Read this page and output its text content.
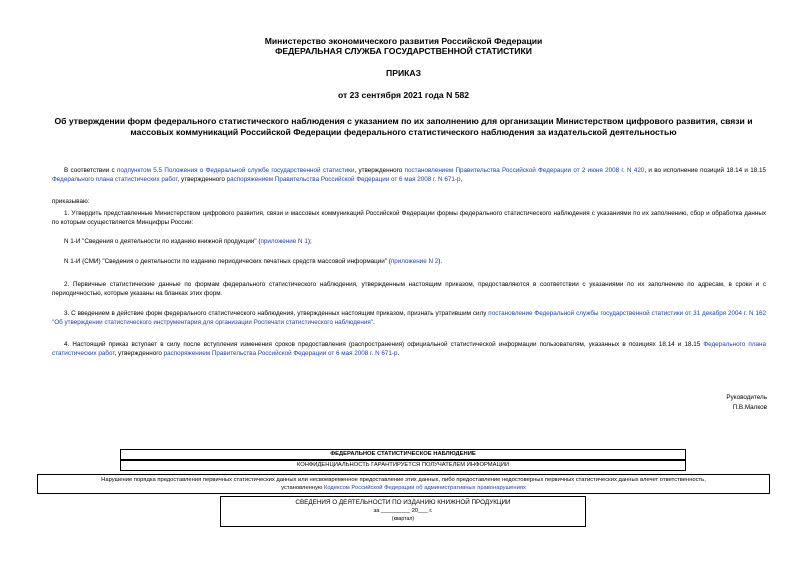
Министерство экономического развития Российской Федерации
ФЕДЕРАЛЬНАЯ СЛУЖБА ГОСУДАРСТВЕННОЙ СТАТИСТИКИ
ПРИКАЗ
от 23 сентября 2021 года N 582
Об утверждении форм федерального статистического наблюдения с указанием по их заполнению для организации Министерством цифрового развития, связи и массовых коммуникаций Российской Федерации федерального статистического наблюдения за издательской деятельностью
В соответствии с подпунктом 5.5 Положения о Федеральной службе государственной статистики, утвержденного постановлением Правительства Российской Федерации от 2 июня 2008 г. N 420, и во исполнение позиций 18.14 и 18.15 Федерального плана статистических работ, утвержденного распоряжением Правительства Российской Федерации от 6 мая 2008 г. N 671-р,
приказываю:
1. Утвердить представленные Министерством цифрового развития, связи и массовых коммуникаций Российской Федерации формы федерального статистического наблюдения с указаниями по их заполнению, сбор и обработка данных по которым осуществляется Минцифры России:
N 1-И "Сведения о деятельности по изданию книжной продукции" (приложение N 1);
N 1-И (СМИ) "Сведения о деятельности по изданию периодических печатных средств массовой информации" (приложение N 2).
2. Первичные статистические данные по формам федерального статистического наблюдения, утвержденным настоящим приказом, предоставляются в соответствии с указаниями по их заполнению по адресам, в сроки и с периодичностью, которые указаны на бланках этих форм.
3. С введением в действие форм федерального статистического наблюдения, утвержденных настоящим приказом, признать утратившим силу постановление Федеральной службы государственной статистики от 31 декабря 2004 г. N 162 "Об утверждении статистического инструментария для организации Роспечати статистического наблюдения".
4. Настоящий приказ вступает в силу после вступления изменения сроков предоставления (распространения) официальной статистической информации пользователям, указанных в позициях 18.14 и 18.15 Федерального плана статистических работ, утвержденного распоряжением Правительства Российской Федерации от 6 мая 2008 г. N 671-р.
Руководитель
П.В.Малков
ФЕДЕРАЛЬНОЕ СТАТИСТИЧЕСКОЕ НАБЛЮДЕНИЕ
КОНФИДЕНЦИАЛЬНОСТЬ ГАРАНТИРУЕТСЯ ПОЛУЧАТЕЛЕМ ИНФОРМАЦИИ
Нарушение порядка предоставления первичных статистических данных или несвоевременное предоставление этих данных, либо предоставление недостоверных первичных статистических данных влечет ответственность,
установленную Кодексом Российской Федерации об административных правонарушениях
СВЕДЕНИЯ О ДЕЯТЕЛЬНОСТИ ПО ИЗДАНИЮ КНИЖНОЙ ПРОДУКЦИИ
за _________ 20___ г.
(квартал)
